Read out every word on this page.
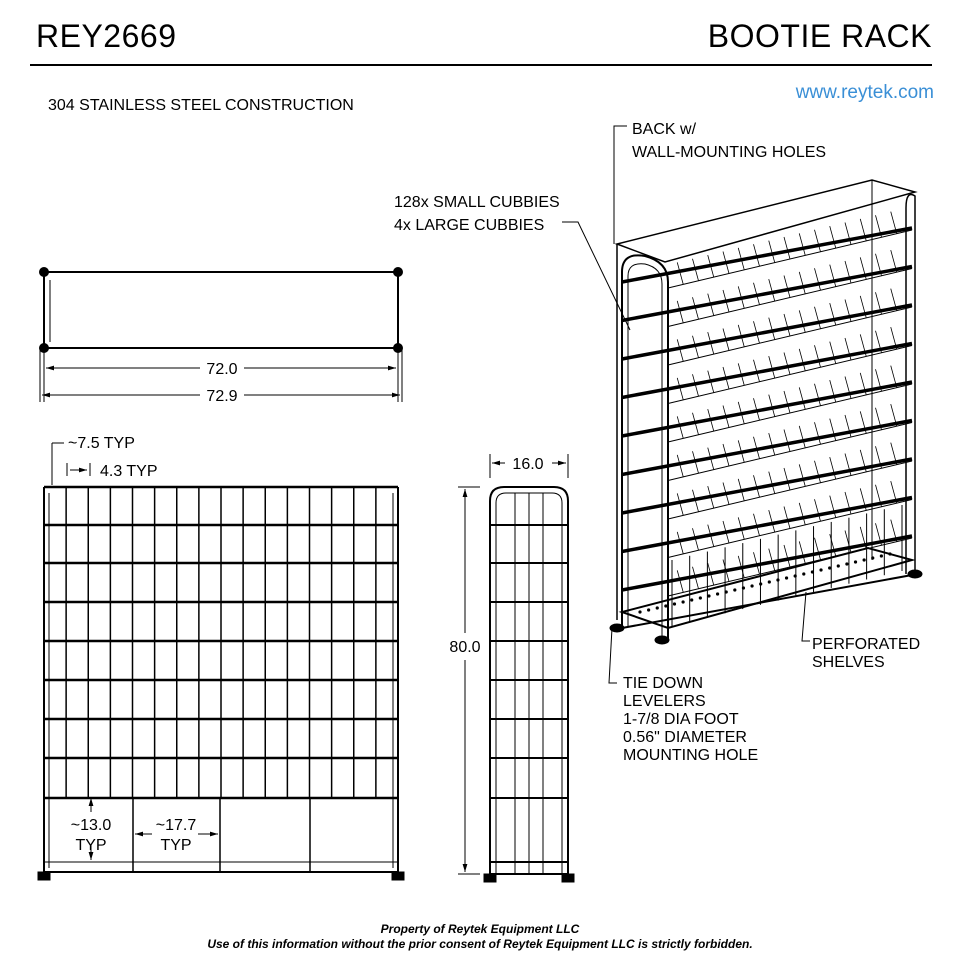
REY2669	BOOTIE RACK
304 STAINLESS STEEL CONSTRUCTION
www.reytek.com
72.0
72.9
~7.5 TYP
4.3 TYP
~13.0
TYP
~17.7
TYP
16.0
80.0
BACK w/
WALL-MOUNTING HOLES
128x SMALL CUBBIES
4x LARGE CUBBIES
PERFORATED
SHELVES
TIE DOWN
LEVELERS
1-7/8 DIA FOOT
0.56" DIAMETER
MOUNTING HOLE
Property of Reytek Equipment LLC
Use of this information without the prior consent of Reytek Equipment LLC is strictly forbidden.
